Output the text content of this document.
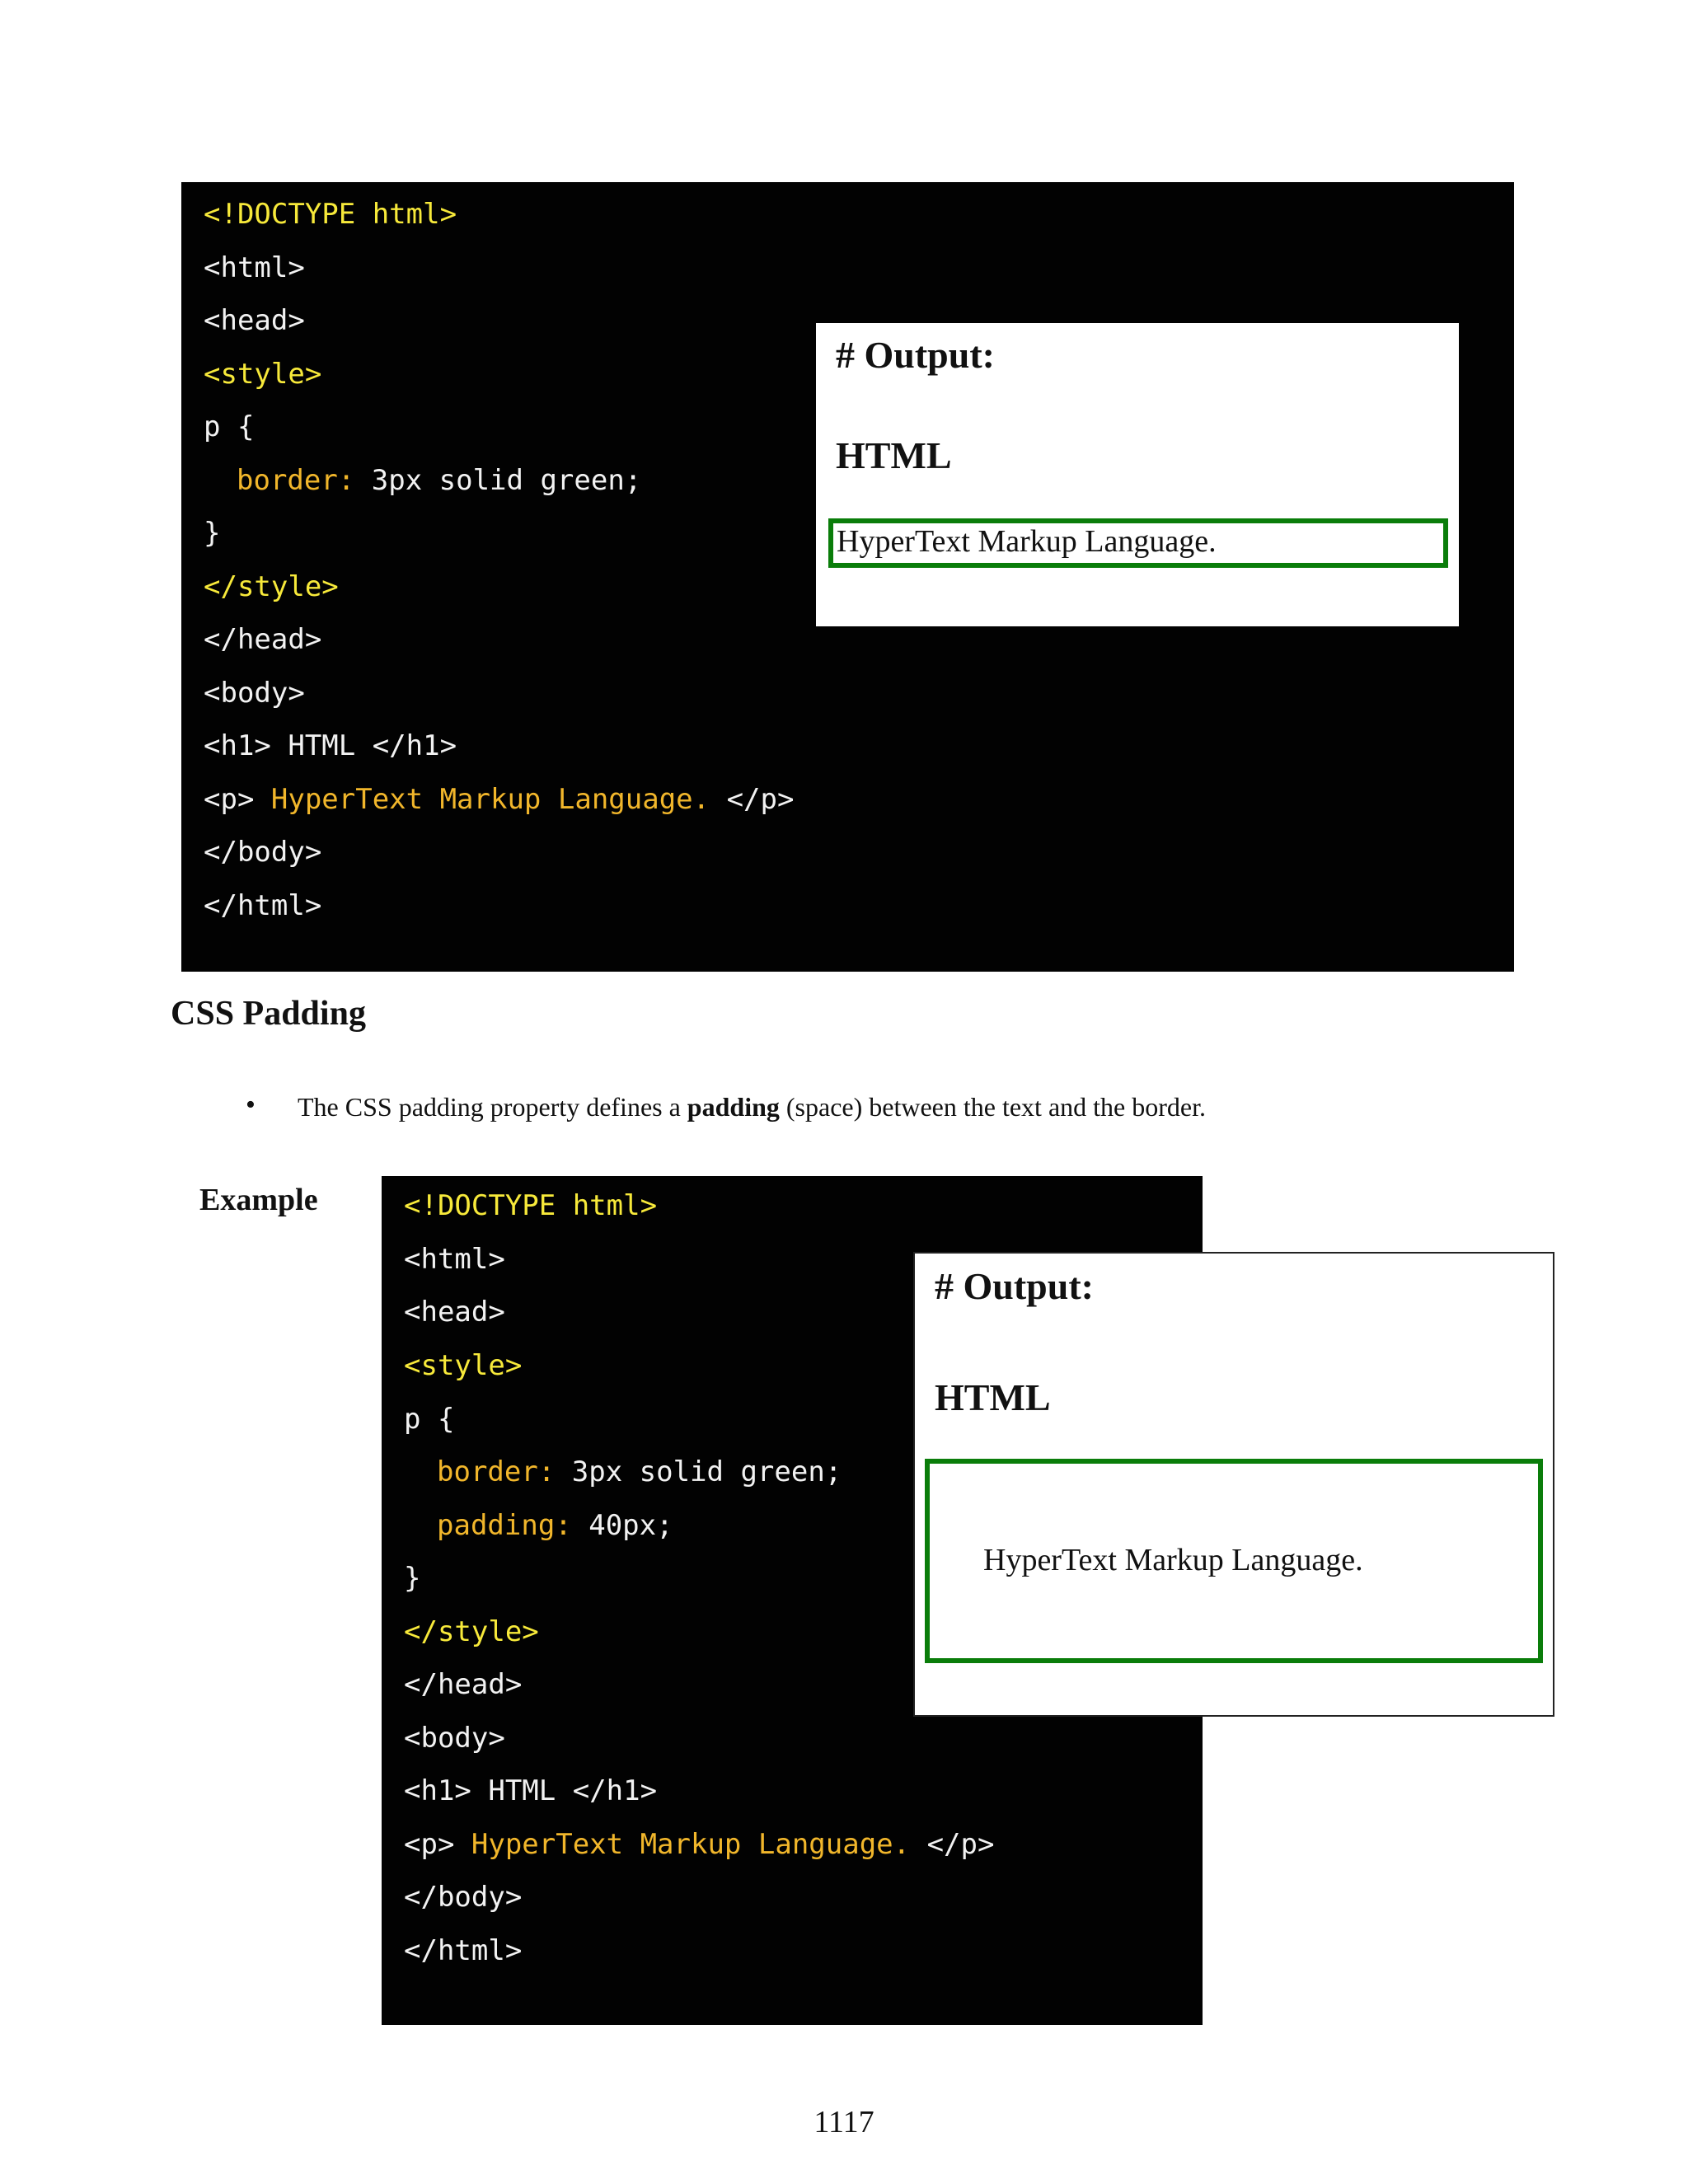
<!DOCTYPE html>
<html>
<head>
<style>
p {
border: 3px solid green;
}
</style>
</head>
<body>
<h1> HTML </h1>
<p> HyperText Markup Language. </p>
</body>
</html>
# Output:
HTML
HyperText Markup Language.
CSS Padding
• The CSS padding property defines a padding (space) between the text and the border.
Example	<!DOCTYPE html>
<html>
<head>
<style>
p {
border: 3px solid green;
padding: 40px;
}
</style>
</head>
<body>
<h1> HTML </h1>
<p> HyperText Markup Language. </p>
</body>
</html>
# Output:
HTML
HyperText Markup Language.
1117
